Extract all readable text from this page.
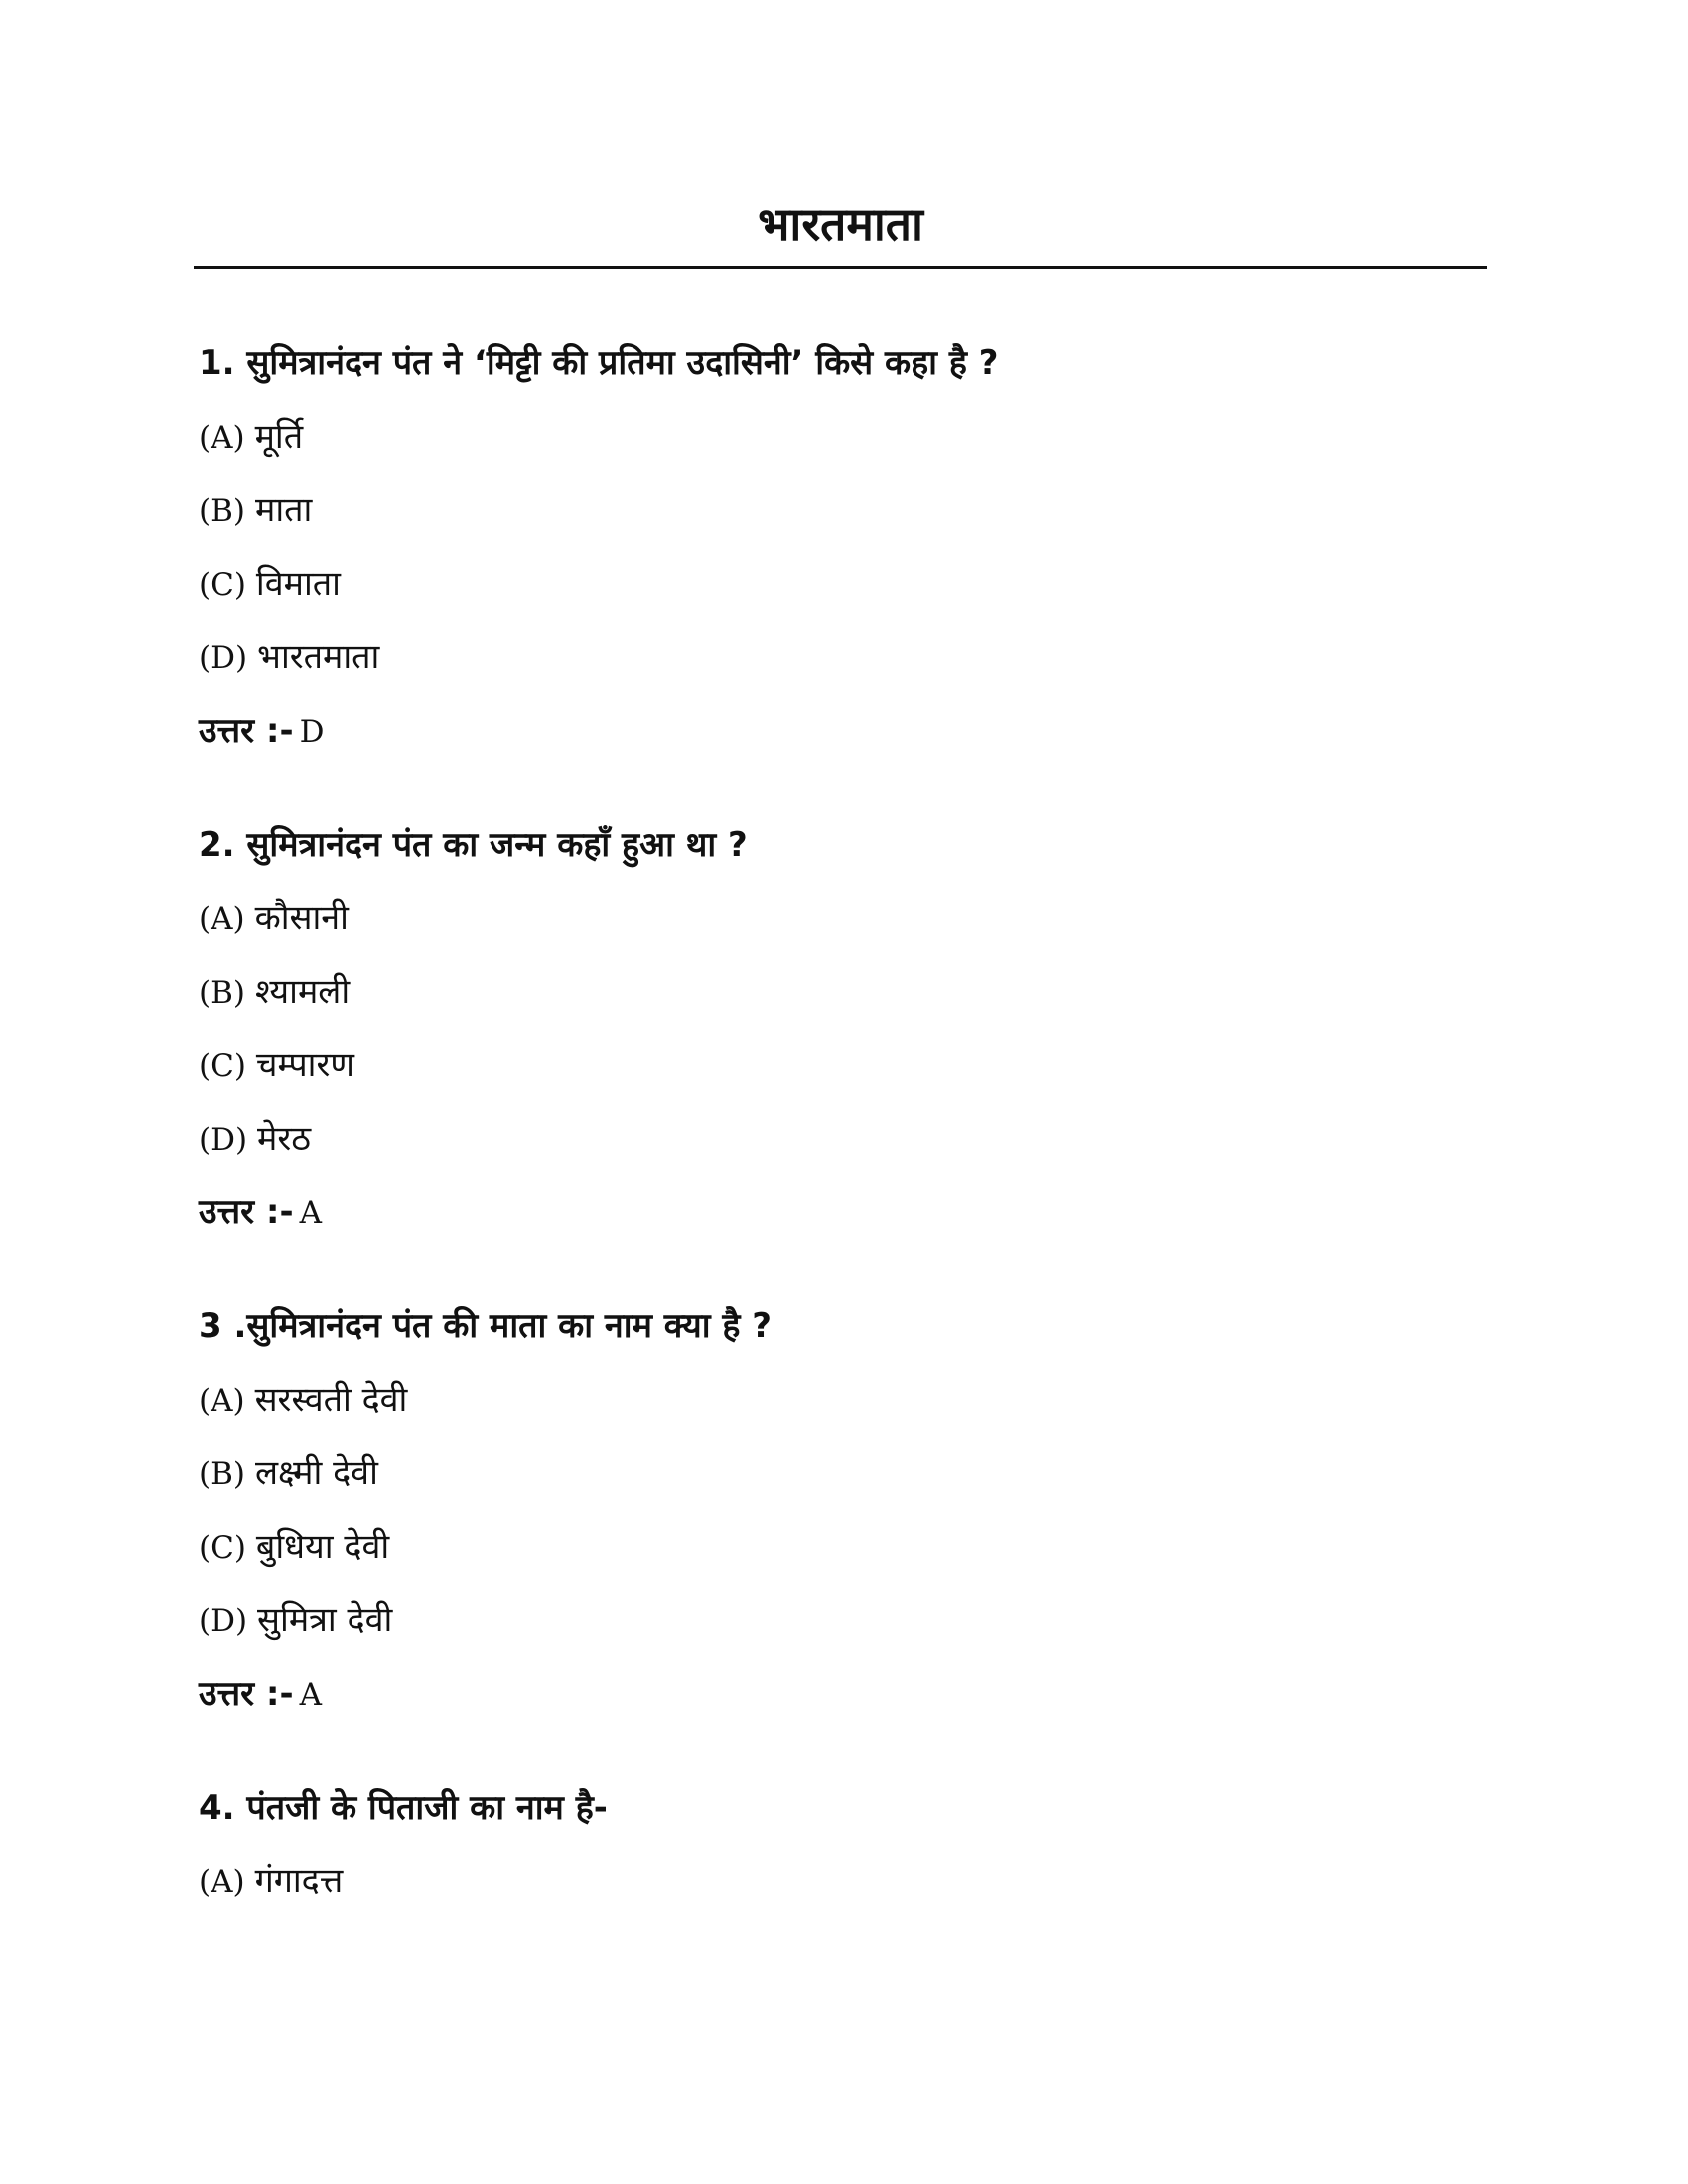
भारतमाता
1. सुमित्रानंदन पंत ने ‘मिट्टी की प्रतिमा उदासिनी’ किसे कहा है ?
(A) मूर्ति
(B) माता
(C) विमाता
(D) भारतमाता
उत्तर :- D
2. सुमित्रानंदन पंत का जन्म कहाँ हुआ था ?
(A) कौसानी
(B) श्यामली
(C) चम्पारण
(D) मेरठ
उत्तर :- A
3 .सुमित्रानंदन पंत की माता का नाम क्या है ?
(A) सरस्वती देवी
(B) लक्ष्मी देवी
(C) बुधिया देवी
(D) सुमित्रा देवी
उत्तर :- A
4. पंतजी के पिताजी का नाम है-
(A) गंगादत्त
